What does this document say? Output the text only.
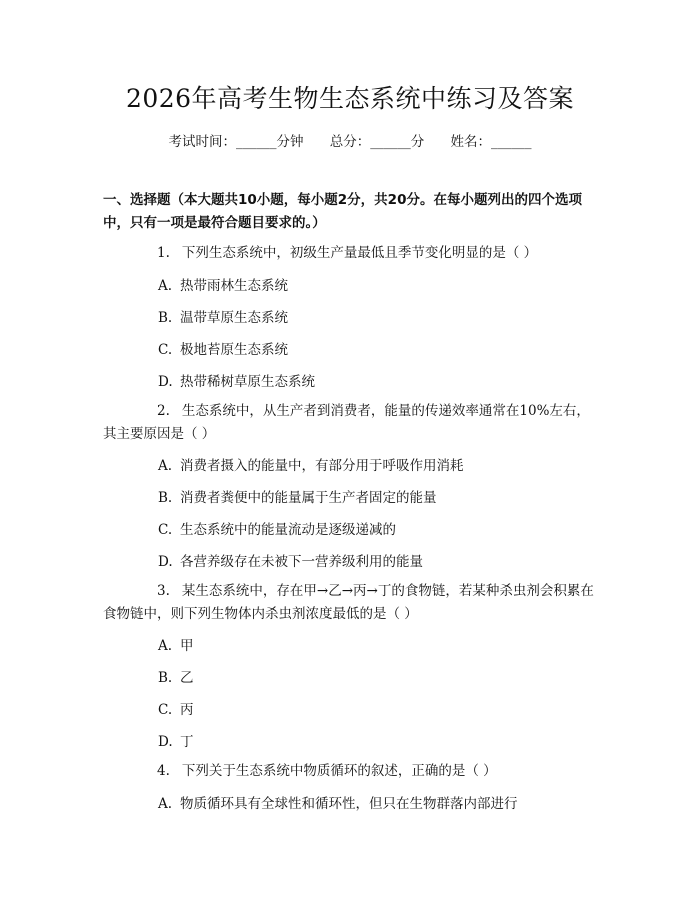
2026年高考生物生态系统中练习及答案
考试时间：______分钟 总分：______分 姓名：______
一、选择题（本大题共10小题，每小题2分，共20分。在每小题列出的四个选项中，只有一项是最符合题目要求的。）
1. 下列生态系统中，初级生产量最低且季节变化明显的是（ ）
A. 热带雨林生态系统
B. 温带草原生态系统
C. 极地苔原生态系统
D. 热带稀树草原生态系统
2. 生态系统中，从生产者到消费者，能量的传递效率通常在10%左右，其主要原因是（ ）
A. 消费者摄入的能量中，有部分用于呼吸作用消耗
B. 消费者粪便中的能量属于生产者固定的能量
C. 生态系统中的能量流动是逐级递减的
D. 各营养级存在未被下一营养级利用的能量
3. 某生态系统中，存在甲→乙→丙→丁的食物链，若某种杀虫剂会积累在食物链中，则下列生物体内杀虫剂浓度最低的是（ ）
A. 甲
B. 乙
C. 丙
D. 丁
4. 下列关于生态系统中物质循环的叙述，正确的是（ ）
A. 物质循环具有全球性和循环性，但只在生物群落内部进行
